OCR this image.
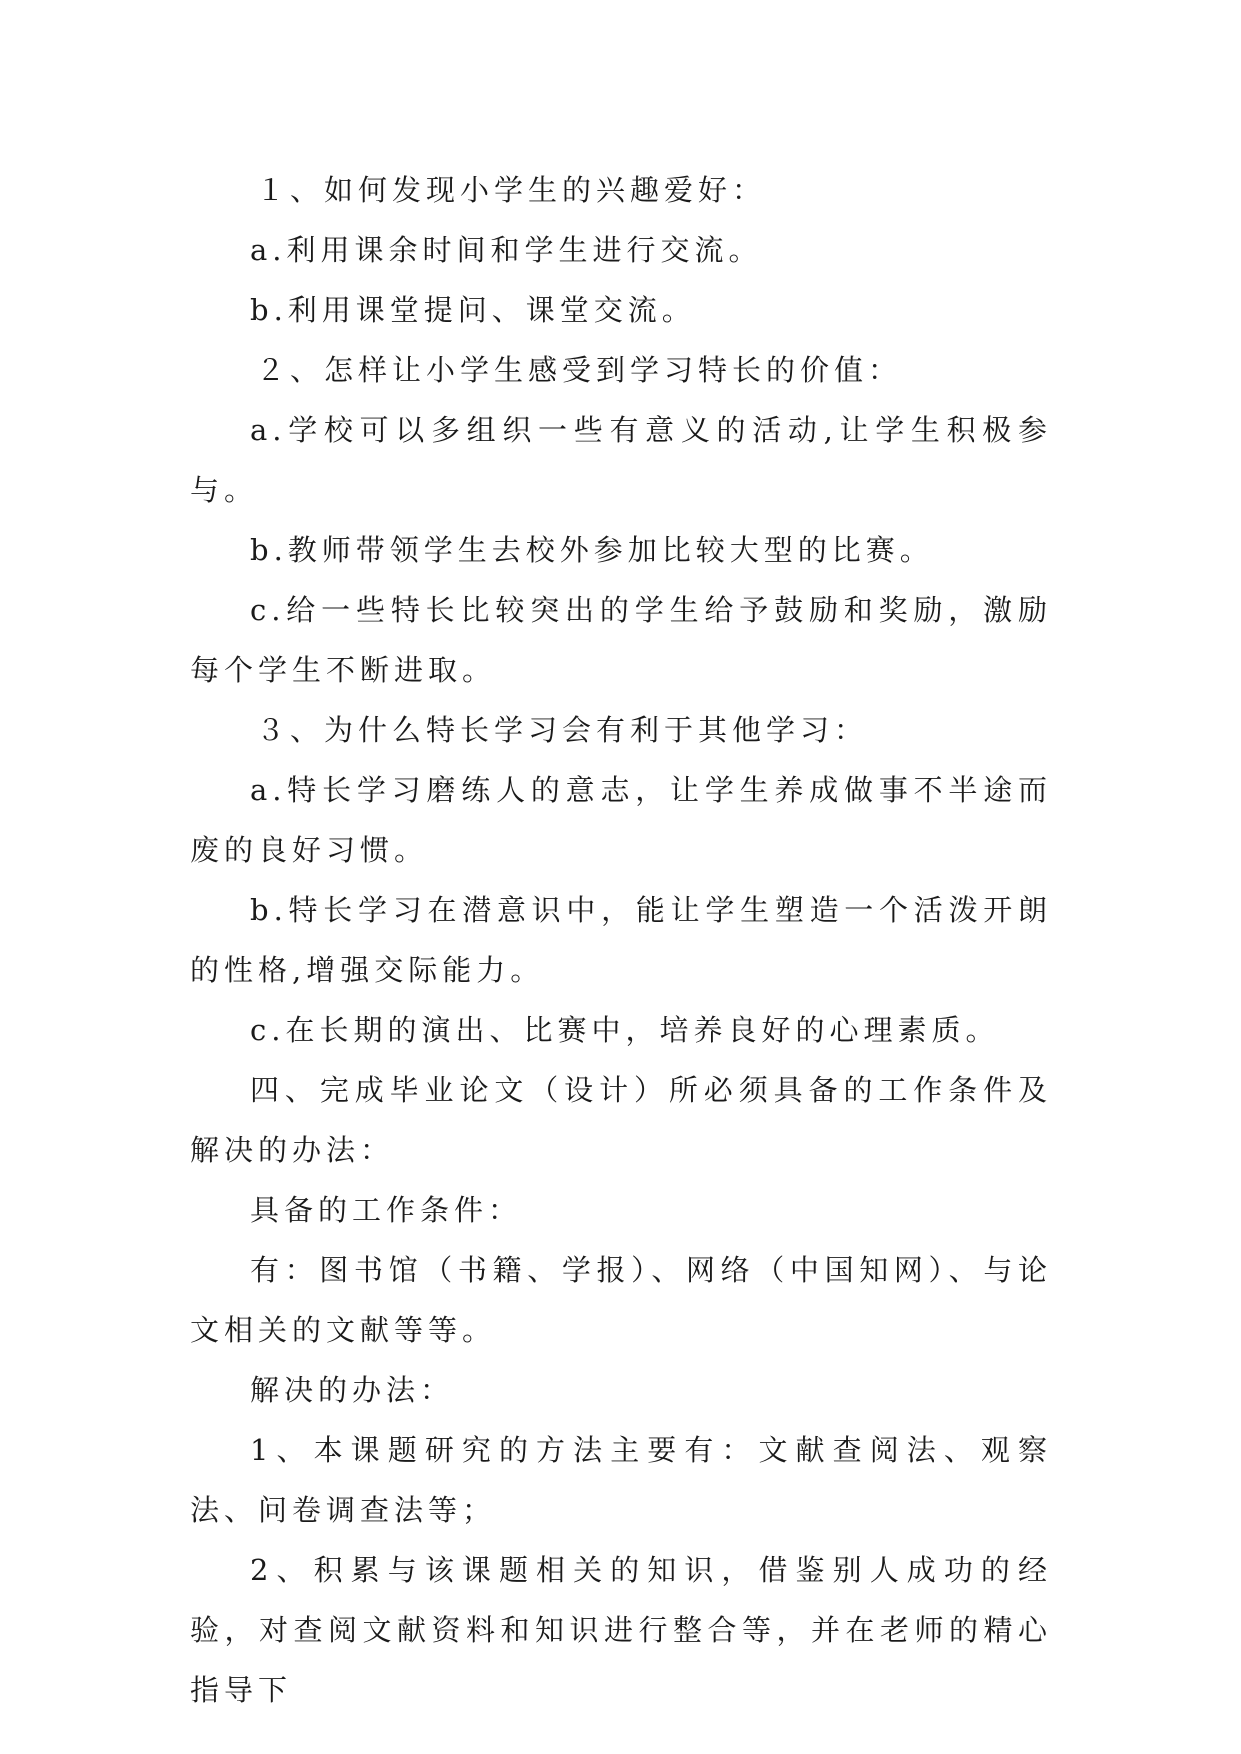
１、如何发现小学生的兴趣爱好：

a.利用课余时间和学生进行交流。

b.利用课堂提问、课堂交流。

２、怎样让小学生感受到学习特长的价值：

a.学校可以多组织一些有意义的活动,让学生积极参与。

b.教师带领学生去校外参加比较大型的比赛。

c.给一些特长比较突出的学生给予鼓励和奖励，激励每个学生不断进取。

３、为什么特长学习会有利于其他学习：

a.特长学习磨练人的意志，让学生养成做事不半途而废的良好习惯。

b.特长学习在潜意识中，能让学生塑造一个活泼开朗的性格,增强交际能力。

c.在长期的演出、比赛中，培养良好的心理素质。

四、完成毕业论文（设计）所必须具备的工作条件及解决的办法：

具备的工作条件：

有：图书馆（书籍、学报）、网络（中国知网）、与论文相关的文献等等。

解决的办法：

1、本课题研究的方法主要有：文献查阅法、观察法、问卷调查法等；

2、积累与该课题相关的知识，借鉴别人成功的经验，对查阅文献资料和知识进行整合等，并在老师的精心指导下
